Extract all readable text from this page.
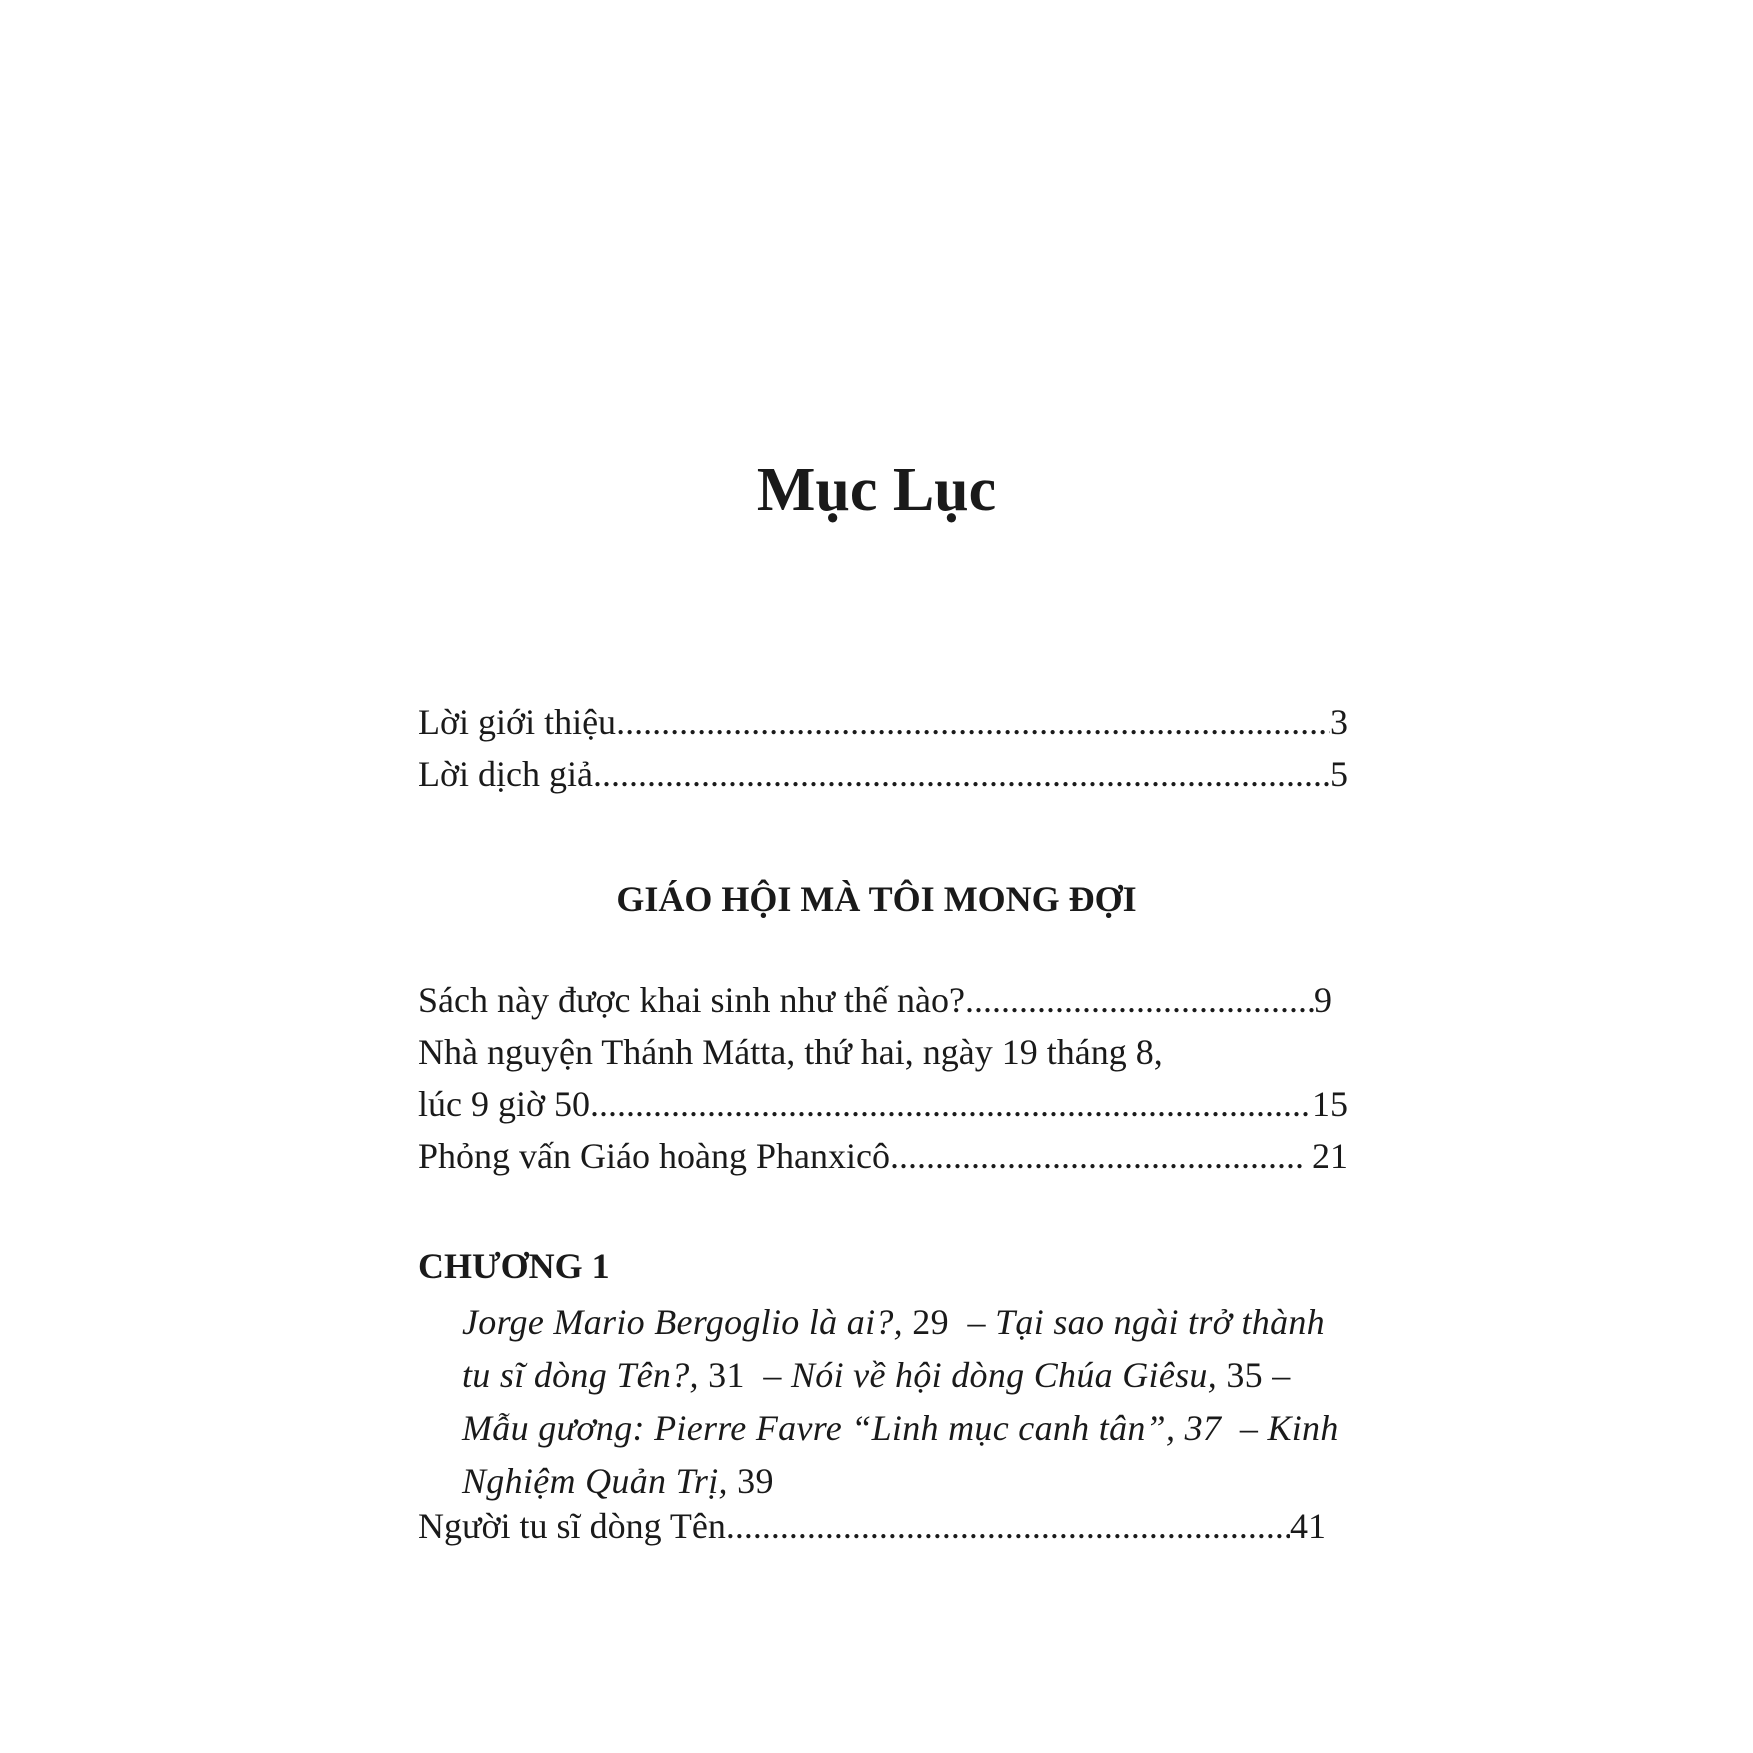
Mục Lục
Lời giới thiệu .....	3
Lời dịch giả .....	5
GIÁO HỘI MÀ TÔI MONG ĐỢI
Sách này được khai sinh như thế nào? .....	9
Nhà nguyện Thánh Mátta, thứ hai, ngày 19 tháng 8,
lúc 9 giờ 50 .....	15
Phỏng vấn Giáo hoàng Phanxicô .....	21
CHƯƠNG 1
Jorge Mario Bergoglio là ai?, 29  – Tại sao ngài trở thành tu sĩ dòng Tên?, 31  – Nói về hội dòng Chúa Giêsu, 35 – Mẫu gương: Pierre Favre “Linh mục canh tân”, 37  – Kinh Nghiệm Quản Trị, 39
Người tu sĩ dòng Tên .....	41
